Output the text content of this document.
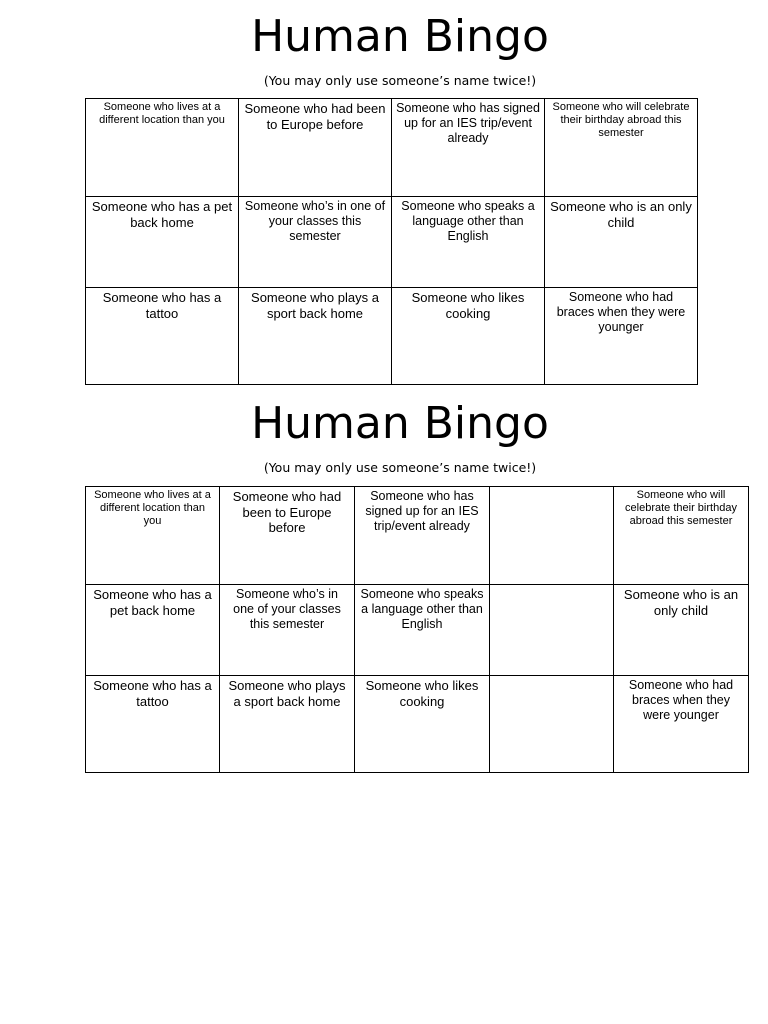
Human Bingo
(You may only use someone’s name twice!)
Someone who lives at a different location than you	Someone who had been to Europe before	Someone who has signed up for an IES trip/event already	Someone who will celebrate their birthday abroad this semester
Someone who has a pet back home	Someone who’s in one of your classes this semester	Someone who speaks a language other than English	Someone who is an only child
Someone who has a tattoo	Someone who plays a sport back home	Someone who likes cooking	Someone who had braces when they were younger
Human Bingo
(You may only use someone’s name twice!)
Someone who lives at a different location than you	Someone who had been to Europe before	Someone who has signed up for an IES trip/event already		Someone who will celebrate their birthday abroad this semester
Someone who has a pet back home	Someone who’s in one of your classes this semester	Someone who speaks a language other than English		Someone who is an only child
Someone who has a tattoo	Someone who plays a sport back home	Someone who likes cooking		Someone who had braces when they were younger
